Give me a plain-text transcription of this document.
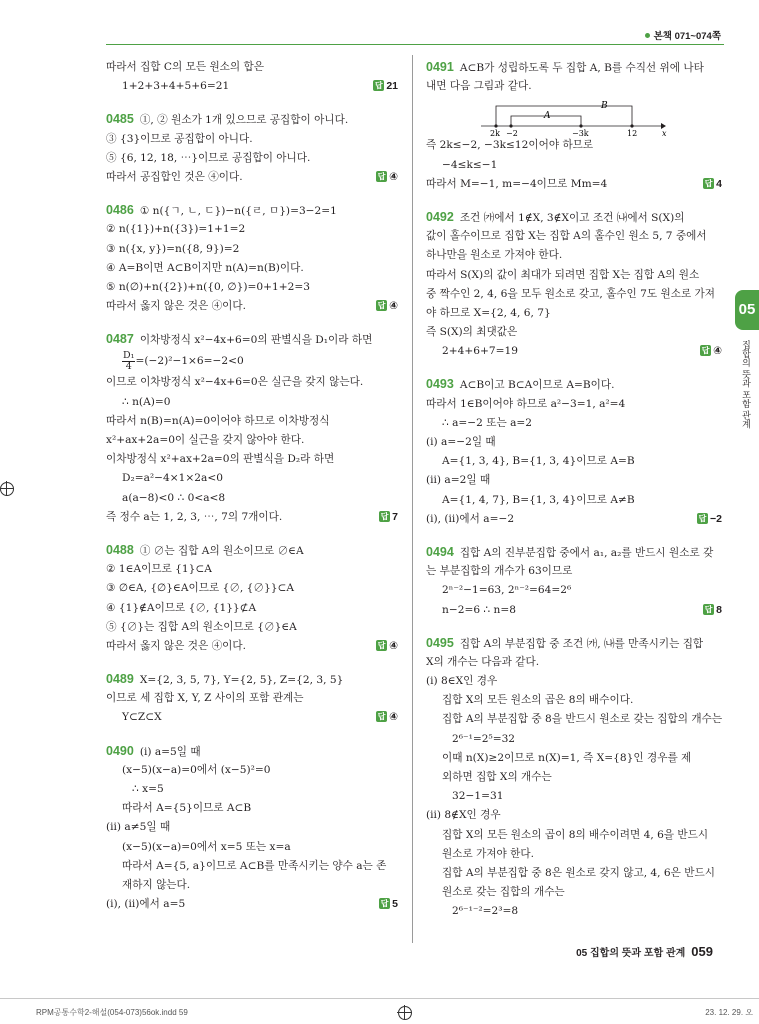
본책 071~074쪽
따라서 집합 C의 모든 원소의 합은
답 21
1+2+3+4+5+6=21
0485 ①, ② 원소가 1개 있으므로 공집합이 아니다.
③ {3}이므로 공집합이 아니다.
⑤ {6, 12, 18, ⋯}이므로 공집합이 아니다.
답 ④
따라서 공집합인 것은 ④이다.
0486 ① n({ㄱ, ㄴ, ㄷ})−n({ㄹ, ㅁ})=3−2=1
② n({1})+n({3})=1+1=2
③ n({x, y})=n({8, 9})=2
④ A=B이면 A⊂B이지만 n(A)=n(B)이다.
⑤ n(∅)+n({2})+n({0, ∅})=0+1+2=3
답 ④
따라서 옳지 않은 것은 ④이다.
0487 이차방정식 x²−4x+6=0의 판별식을 D₁이라 하면
$\frac{\text{D₁}}{4} =(-2)^2-1\times 6=-2<0$
이므로 이차방정식 x²−4x+6=0은 실근을 갖지 않는다.
∴ n(A)=0
따라서 n(B)=n(A)=0이어야 하므로 이차방정식
x²+ax+2a=0이 실근을 갖지 않아야 한다.
이차방정식 x²+ax+2a=0의 판별식을 D₂라 하면
D₂=a²−4×1×2a<0
a(a−8)<0 ∴ 0<a<8
답 7
즉 정수 a는 1, 2, 3, ⋯, 7의 7개이다.
0488 ① ∅는 집합 A의 원소이므로 ∅∈A
② 1∈A이므로 {1}⊂A
③ ∅∈A, {∅}∈A이므로 {∅, {∅}}⊂A
④ {1}∉A이므로 {∅, {1}}⊄A
⑤ {∅}는 집합 A의 원소이므로 {∅}∈A
답 ④
따라서 옳지 않은 것은 ④이다.
0489 X={2, 3, 5, 7}, Y={2, 5}, Z={2, 3, 5}
이므로 세 집합 X, Y, Z 사이의 포함 관계는
답 ④
Y⊂Z⊂X
0490 (i) a=5일 때
(x−5)(x−a)=0에서 (x−5)²=0
∴ x=5
따라서 A={5}이므로 A⊂B
(ii) a≠5일 때
(x−5)(x−a)=0에서 x=5 또는 x=a
따라서 A={5, a}이므로 A⊂B를 만족시키는 양수 a는 존
재하지 않는다.
답 5
(i), (ii)에서 a=5
0491 A⊂B가 성립하도록 두 집합 A, B를 수직선 위에 나타
내면 다음 그림과 같다.
B
A
2k −2	−3k	12	x
즉 2k≤−2, −3k≤12이어야 하므로
−4≤k≤−1
답 4
따라서 M=−1, m=−4이므로 Mm=4
0492 조건 ㈎에서 1∉X, 3∉X이고 조건 ㈏에서 S(X)의
값이 홀수이므로 집합 X는 집합 A의 홀수인 원소 5, 7 중에서
하나만을 원소로 가져야 한다.
따라서 S(X)의 값이 최대가 되려면 집합 X는 집합 A의 원소
중 짝수인 2, 4, 6을 모두 원소로 갖고, 홀수인 7도 원소로 가져
야 하므로 X={2, 4, 6, 7}
즉 S(X)의 최댓값은
답 ④
2+4+6+7=19
0493 A⊂B이고 B⊂A이므로 A=B이다.
따라서 1∈B이어야 하므로 a²−3=1, a²=4
∴ a=−2 또는 a=2
(i) a=−2일 때
A={1, 3, 4}, B={1, 3, 4}이므로 A=B
(ii) a=2일 때
A={1, 4, 7}, B={1, 3, 4}이므로 A≠B
답 −2
(i), (ii)에서 a=−2
0494 집합 A의 진부분집합 중에서 a₁, a₂를 반드시 원소로 갖
는 부분집합의 개수가 63이므로
2ⁿ⁻²−1=63, 2ⁿ⁻²=64=2⁶
답 8
n−2=6 ∴ n=8
0495 집합 A의 부분집합 중 조건 ㈎, ㈏를 만족시키는 집합
X의 개수는 다음과 같다.
(i) 8∈X인 경우
집합 X의 모든 원소의 곱은 8의 배수이다.
집합 A의 부분집합 중 8을 반드시 원소로 갖는 집합의 개수는
2⁶⁻¹=2⁵=32
이때 n(X)≥2이므로 n(X)=1, 즉 X={8}인 경우를 제
외하면 집합 X의 개수는
32−1=31
(ii) 8∉X인 경우
집합 X의 모든 원소의 곱이 8의 배수이려면 4, 6을 반드시
원소로 가져야 한다.
집합 A의 부분집합 중 8은 원소로 갖지 않고, 4, 6은 반드시
원소로 갖는 집합의 개수는
2⁶⁻¹⁻²=2³=8
05
집합의 뜻과 포함 관계
05 집합의 뜻과 포함 관계 059
RPM공통수학2-해설(054-073)56ok.indd 59	23. 12. 29. 오
